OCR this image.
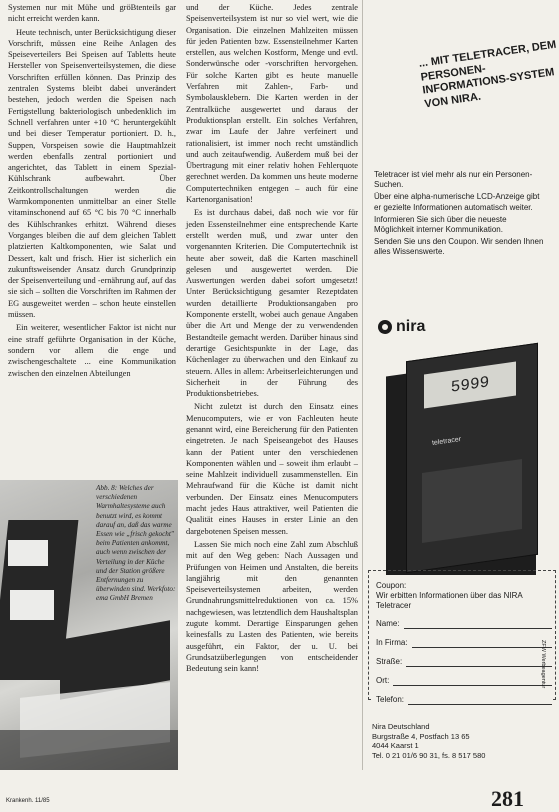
Systemen nur mit Mühe und gröBtenteils gar nicht erreicht werden kann.

Heute technisch, unter Berücksichtigung dieser Vorschrift, müssen eine Reihe Anlagen des Speiseverteilers Bei Speisen auf Tabletts heute Hersteller von Speisenverteilsystemen, die diese Vorschriften erfüllen können. Das Prinzip des zentralen Systems bleibt dabei unverändert bestehen, jedoch werden die Speisen nach Fertigstellung bakteriologisch unbedenklich im Schnell verfahren unter +10 °C heruntergekühlt und bei dieser Temperatur portioniert. D. h., Suppen, Vorspeisen sowie die Hauptmahlzeit werden ebenfalls zentral portioniert und angerichtet, das Tablett in einem Spezial-Kühlschrank aufbewahrt. Über Zeitkontrollschaltungen werden die Warmkomponenten unmittelbar an einer Stelle vitaminschonend auf 65 °C bis 70 °C innerhalb des Kühlschrankes erhitzt. Während dieses Vorganges bleiben die auf dem gleichen Tablett platzierten Kaltkomponenten, wie Salat und Dessert, kalt und frisch. Hier ist sicherlich ein zukunftsweisender Ansatz durch Grundprinzip der Speisenverteilung und -ernährung auf, auf das sie sich – sollten die Vorschriften im Rahmen der EG ausgeweitet werden – schon heute einstellen müssen.

Ein weiterer, wesentlicher Faktor ist nicht nur eine straff geführte Organisation in der Küche, sondern vor allem die enge und zwischengeschaltete ... eine Kommunikation zwischen den einzelnen Abteilungen

Abb. 8: Welches der verschiedenen Warmhaltesysteme auch benutzt wird, es kommt darauf an, daß das warme Essen wie „frisch gekocht" beim Patienten ankommt, auch wenn zwischen der Verteilung in der Küche und der Station größere Entfernungen zu überwinden sind. Werkfoto: ema GmbH Bremen

und der Küche. Jedes zentrale Speisenverteilsystem ist nur so viel wert, wie die Organisation. Die einzelnen Mahlzeiten müssen für jeden Patienten bzw. Essensteilnehmer Karten erstellen, aus welchen Kostform, Menge und evtl. Sonderwünsche oder -vorschriften hervorgehen. Für solche Karten gibt es heute manuelle Verfahren mit Zahlen-, Farb- und Symbolausklebern. Die Karten werden in der Zentralküche ausgewertet und daraus der Produktionsplan erstellt. Ein solches Verfahren, zwar im Laufe der Jahre verfeinert und rationalisiert, ist immer noch recht umständlich und auch zeitaufwendig. Außerdem muß bei der Übertragung mit einer relativ hohen Fehlerquote gerechnet werden. Da kommen uns heute moderne Computertechniken entgegen – auch für eine Kartenorganisation!

Es ist durchaus dabei, daß noch wie vor für jeden Essensteilnehmer eine entsprechende Karte erstellt werden muß, und zwar unter den vorgenannten Kriterien. Die Computertechnik ist heute aber soweit, daß die Karten maschinell gelesen und ausgewertet werden. Die Auswertungen werden dabei sofort umgesetzt! Unter Berücksichtigung gesamter Rezeptdaten wurden detaillierte Produktionsangaben pro Komponente erstellt, wobei auch genaue Angaben über die Art und Menge der zu verwendenden Bestandteile gemacht werden. Darüber hinaus sind derartige Gesichtspunkte in der Lage, das Küchenlager zu überwachen und den Einkauf zu steuern. Alles in allem: Arbeitserleichterungen und Sicherheit in der Führung des Produktionsbetriebes.

Nicht zuletzt ist durch den Einsatz eines Menucomputers, wie er von Fachleuten heute genannt wird, eine Bereicherung für den Patienten eingetreten. Je nach Speiseangebot des Hauses kann der Patient unter den verschiedenen Komponenten wählen und – soweit ihm erlaubt – seine Mahlzeit individuell zusammenstellen. Ein Mehraufwand für die Küche ist damit nicht verbunden. Der Einsatz eines Menucomputers macht jedes Haus attraktiver, weil Patienten die Qualität eines Hauses in erster Linie an den dargebotenen Speisen messen.

Lassen Sie mich noch eine Zahl zum Abschluß mit auf den Weg geben: Nach Aussagen und Prüfungen von Heimen und Anstalten, die bereits langjährig mit den genannten Speiseverteilsystemen arbeiten, werden Grundnahrungsmittelreduktionen von ca. 15% nachgewiesen, was letztendlich dem Haushaltsplan zugute kommt. Derartige Einsparungen gehen keinesfalls zu Lasten des Patienten, wie bereits ausgeführt, ein Faktor, der u. U. bei Grundsatzüberlegungen von entscheidender Bedeutung sein kann!

... MIT TELETRACER, DEM PERSONEN-INFORMATIONS-SYSTEM VON NIRA.

Teletracer ist viel mehr als nur ein Personen-Suchen.

Über eine alpha-numerische LCD-Anzeige gibt er gezielte Informationen automatisch weiter.

Informieren Sie sich über die neueste Möglichkeit interner Kommunikation.

Senden Sie uns den Coupon. Wir senden Ihnen alles Wissenswerte.

nira
5999
teletracer
Coupon:
Wir erbitten Informationen über das NIRA Teletracer
Name:
In Firma:
Straße:
Ort:
Telefon:
Nira Deutschland
Burgstraße 4, Postfach 13 65
4044 Kaarst 1
Tel. 0 21 01/6 90 31, fs. 8 517 580
ZFW Werbeagentur
Krankenh. 11/85	281
